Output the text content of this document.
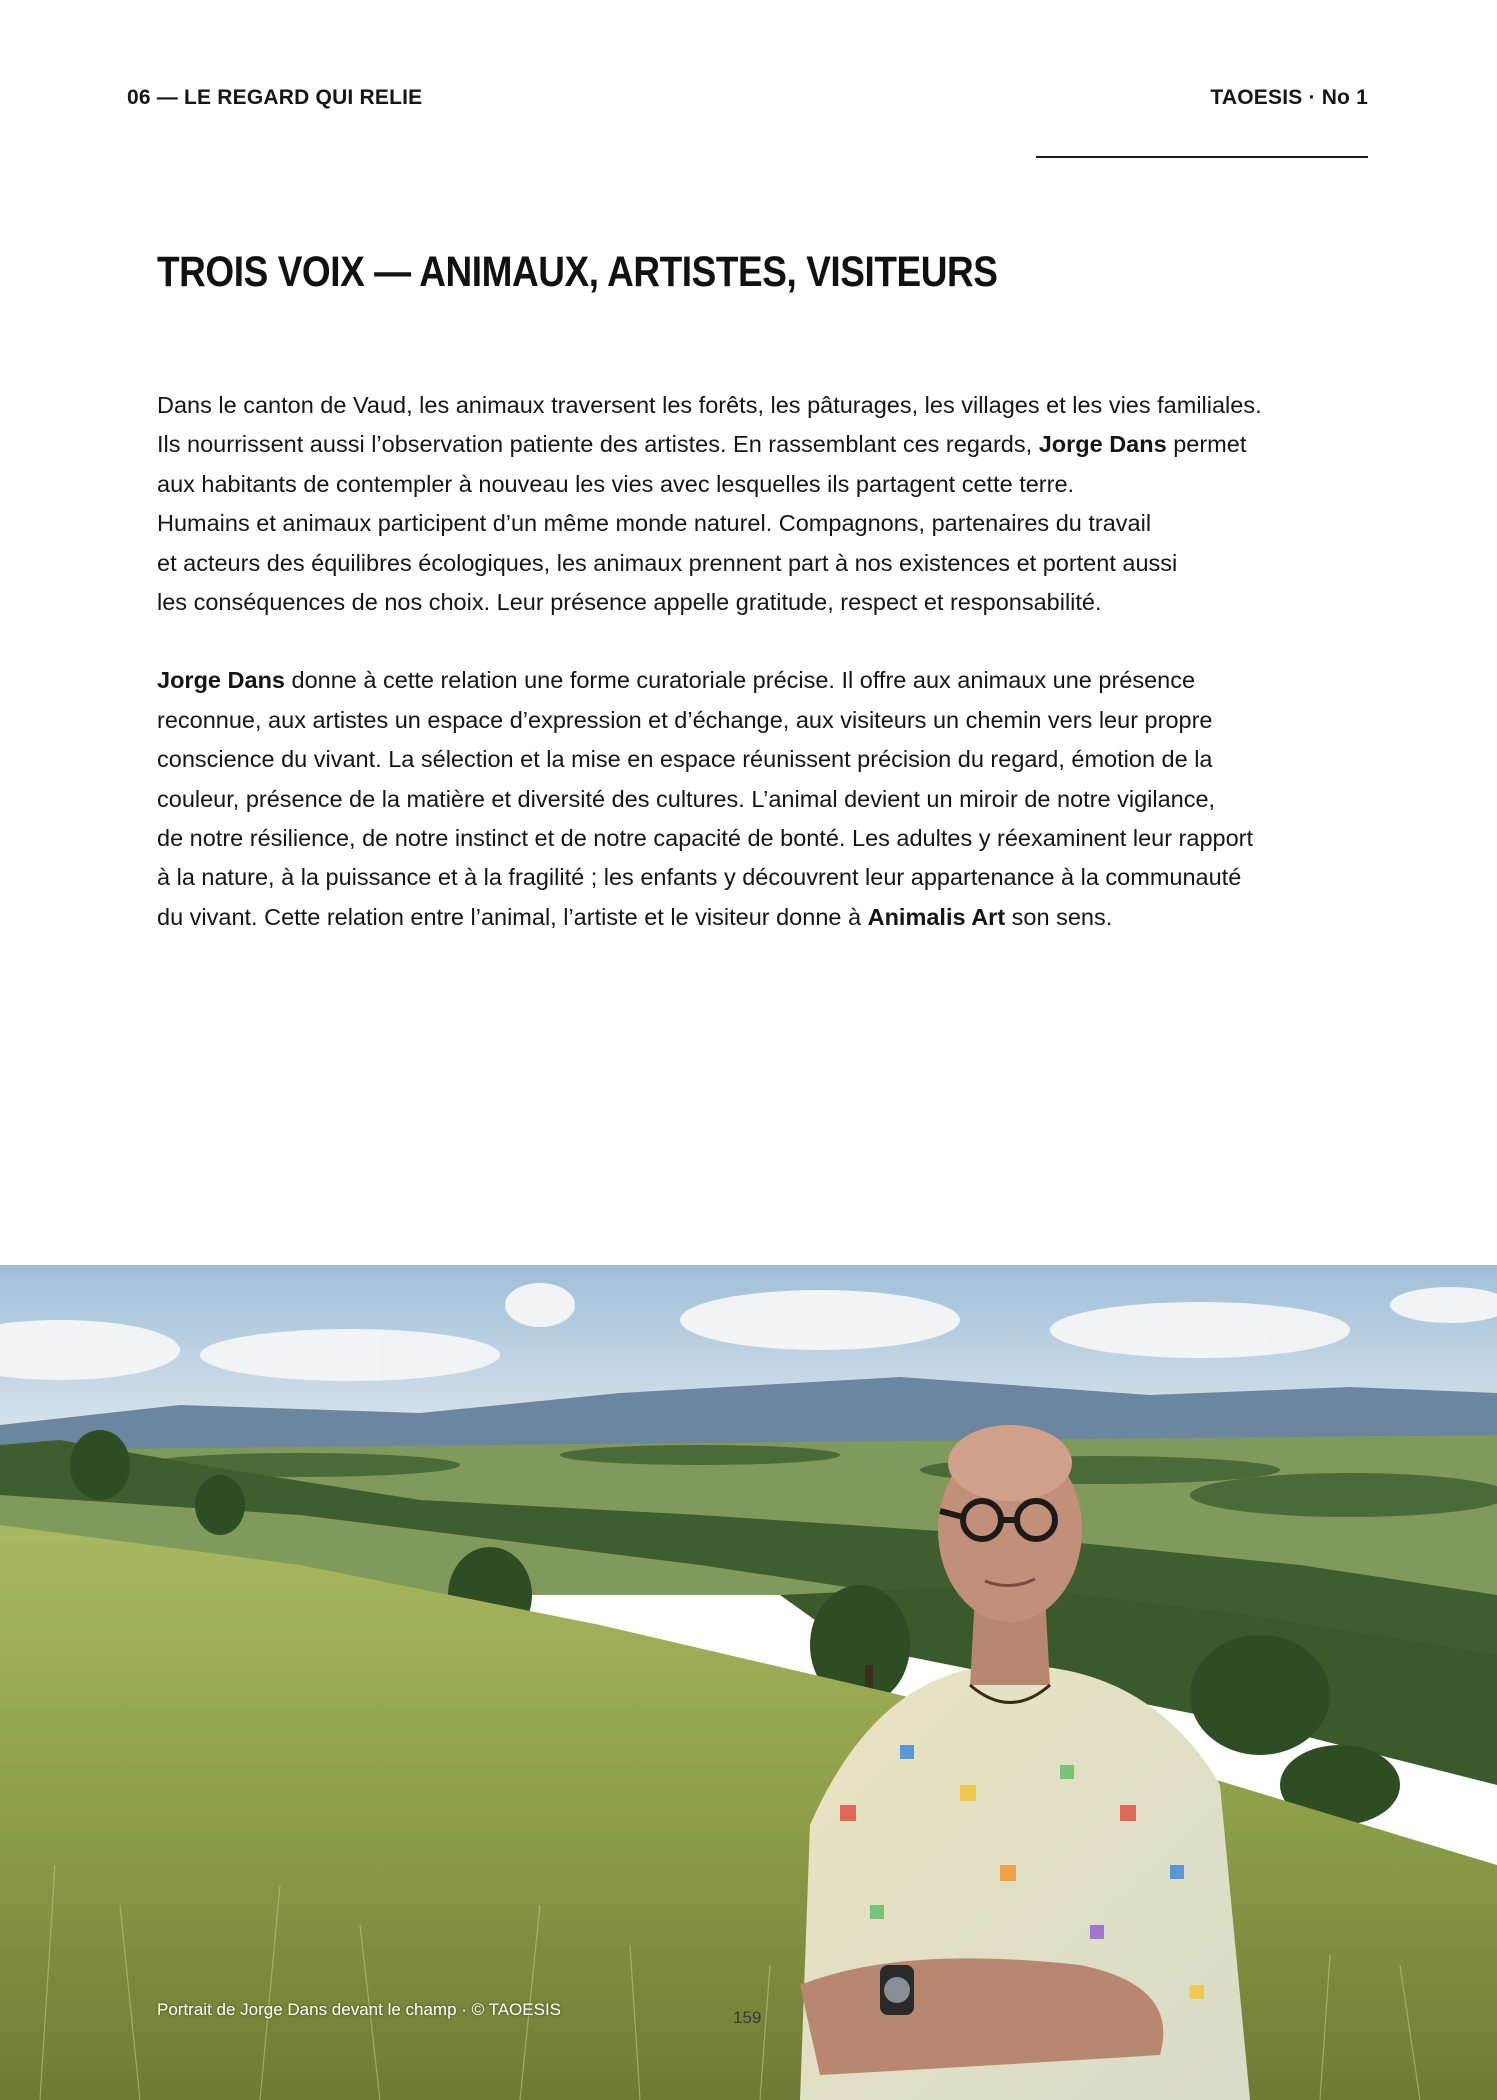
06 — LE REGARD QUI RELIE	TAOESIS · No 1
TROIS VOIX — ANIMAUX, ARTISTES, VISITEURS

Dans le canton de Vaud, les animaux traversent les forêts, les pâturages, les villages et les vies familiales.
Ils nourrissent aussi l’observation patiente des artistes. En rassemblant ces regards, Jorge Dans permet
aux habitants de contempler à nouveau les vies avec lesquelles ils partagent cette terre.
Humains et animaux participent d’un même monde naturel. Compagnons, partenaires du travail
et acteurs des équilibres écologiques, les animaux prennent part à nos existences et portent aussi
les conséquences de nos choix. Leur présence appelle gratitude, respect et responsabilité.

Jorge Dans donne à cette relation une forme curatoriale précise. Il offre aux animaux une présence
reconnue, aux artistes un espace d’expression et d’échange, aux visiteurs un chemin vers leur propre
conscience du vivant. La sélection et la mise en espace réunissent précision du regard, émotion de la
couleur, présence de la matière et diversité des cultures. L’animal devient un miroir de notre vigilance,
de notre résilience, de notre instinct et de notre capacité de bonté. Les adultes y réexaminent leur rapport
à la nature, à la puissance et à la fragilité ; les enfants y découvrent leur appartenance à la communauté
du vivant. Cette relation entre l’animal, l’artiste et le visiteur donne à Animalis Art son sens.

Portrait de Jorge Dans devant le champ · © TAOESIS	159
